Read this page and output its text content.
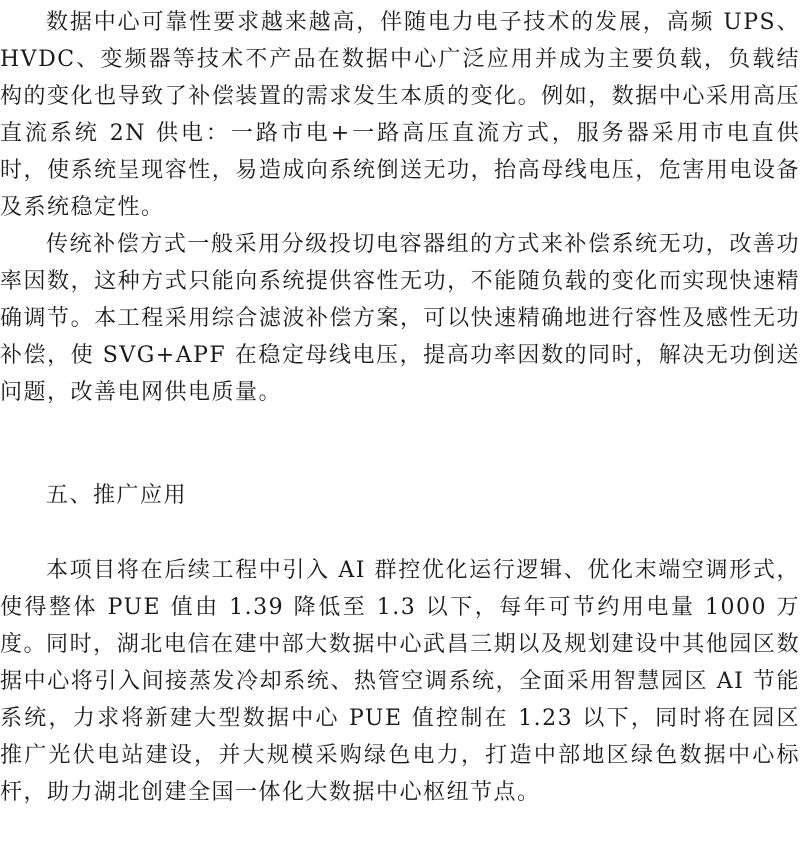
数据中心可靠性要求越来越高，伴随电力电子技术的发展，高频 UPS、HVDC、变频器等技术不产品在数据中心广泛应用并成为主要负载，负载结构的变化也导致了补偿装置的需求发生本质的变化。例如，数据中心采用高压直流系统 2N 供电：一路市电+一路高压直流方式，服务器采用市电直供时，使系统呈现容性，易造成向系统倒送无功，抬高母线电压，危害用电设备及系统稳定性。

传统补偿方式一般采用分级投切电容器组的方式来补偿系统无功，改善功率因数，这种方式只能向系统提供容性无功，不能随负载的变化而实现快速精确调节。本工程采用综合滤波补偿方案，可以快速精确地进行容性及感性无功补偿，使 SVG+APF 在稳定母线电压，提高功率因数的同时，解决无功倒送问题，改善电网供电质量。

五、推广应用

本项目将在后续工程中引入 AI 群控优化运行逻辑、优化末端空调形式，使得整体 PUE 值由 1.39 降低至 1.3 以下，每年可节约用电量 1000 万度。

同时，湖北电信在建中部大数据中心武昌三期以及规划建设中其他园区数据中心将引入间接蒸发冷却系统、热管空调系统，全面采用智慧园区 AI 节能系统，力求将新建大型数据中心 PUE 值控制在 1.23 以下，同时将在园区推广光伏电站建设，并大规模采购绿色电力，打造中部地区绿色数据中心标杆，助力湖北创建全国一体化大数据中心枢纽节点。
